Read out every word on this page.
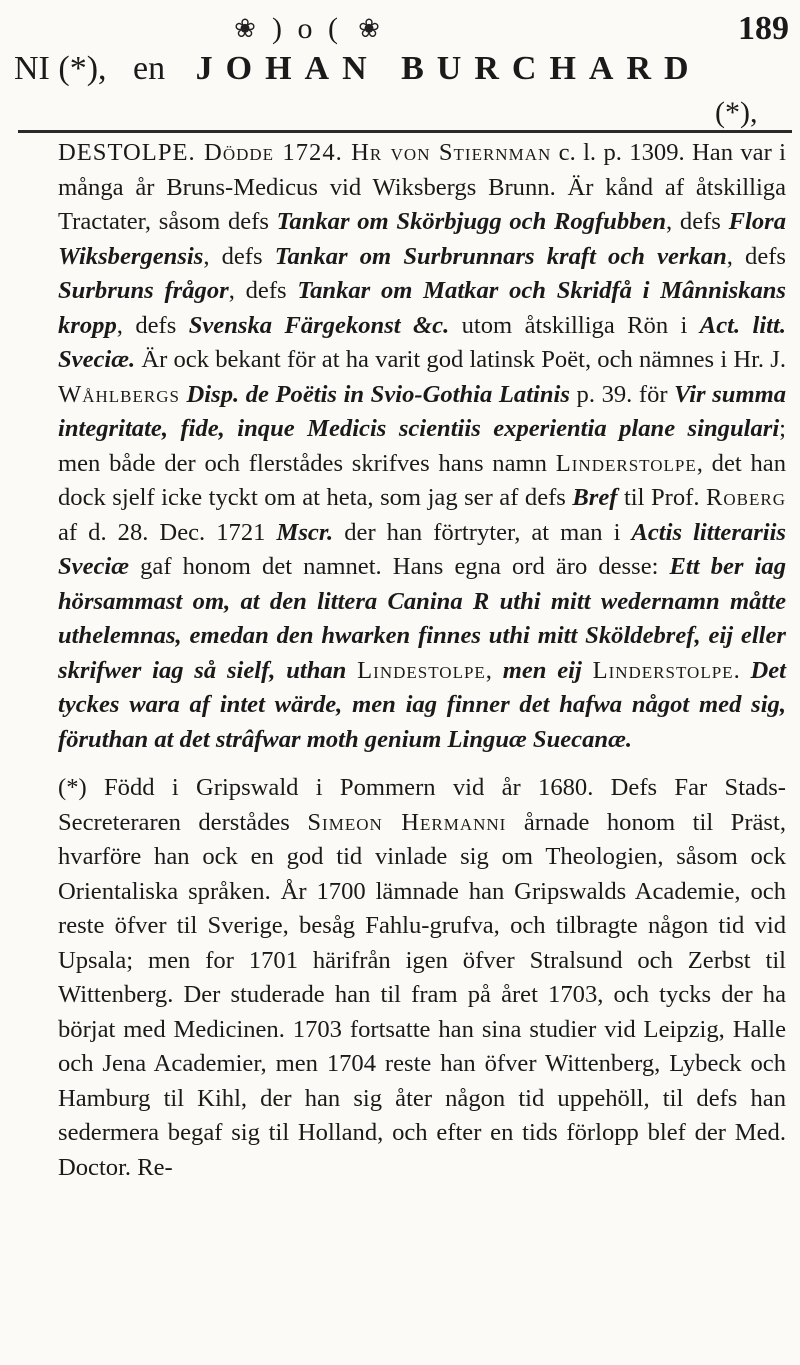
❀ ) o ( ❀	189
NI (*), en JOHAN BURCHARD
(*),

DESTOLPE. Dödde 1724. Hr von Stiernman c. l. p. 1309. Han var i många år Bruns-Medicus vid Wiksbergs Brunn. Är kånd af åtskilliga Tractater, såsom defs Tankar om Skörbjugg och Rogfubben, defs Flora Wiksbergensis, defs Tankar om Surbrunnars kraft och verkan, defs Surbruns frågor, defs Tankar om Matkar och Skridfå i Mânniskans kropp, defs Svenska Färgekonst &c. utom åtskilliga Rön i Act. litt. Sveciæ. Är ock bekant för at ha varit god latinsk Poët, och nämnes i Hr. J. Wåhlbergs Disp. de Poëtis in Svio-Gothia Latinis p. 39. för Vir summa integritate, fide, inque Medicis scientiis experientia plane singulari; men både der och flerstådes skrifves hans namn Linderstolpe, det han dock sjelf icke tyckt om at heta, som jag ser af defs Bref til Prof. Roberg af d. 28. Dec. 1721 Mscr. der han förtryter, at man i Actis litterariis Sveciæ gaf honom det namnet. Hans egna ord äro desse: Ett ber iag hörsammast om, at den littera Canina R uthi mitt wedernamn måtte uthelemnas, emedan den hwarken finnes uthi mitt Sköldebref, eij eller skrifwer iag så sielf, uthan Lindestolpe, men eij Linderstolpe. Det tyckes wara af intet wärde, men iag finner det hafwa något med sig, föruthan at det strâfwar moth genium Linguæ Suecanæ.

(*) Född i Gripswald i Pommern vid år 1680. Defs Far Stads-Secreteraren derstådes Simeon Hermanni årnade honom til Präst, hvarföre han ock en god tid vinlade sig om Theologien, såsom ock Orientaliska språken. År 1700 lämnade han Gripswalds Academie, och reste öfver til Sverige, besåg Fahlu-grufva, och tilbragte någon tid vid Upsala; men for 1701 härifrån igen öfver Stralsund och Zerbst til Wittenberg. Der studerade han til fram på året 1703, och tycks der ha börjat med Medicinen. 1703 fortsatte han sina studier vid Leipzig, Halle och Jena Academier, men 1704 reste han öfver Wittenberg, Lybeck och Hamburg til Kihl, der han sig åter någon tid uppehöll, til defs han sedermera begaf sig til Holland, och efter en tids förlopp blef der Med. Doctor. Re-
